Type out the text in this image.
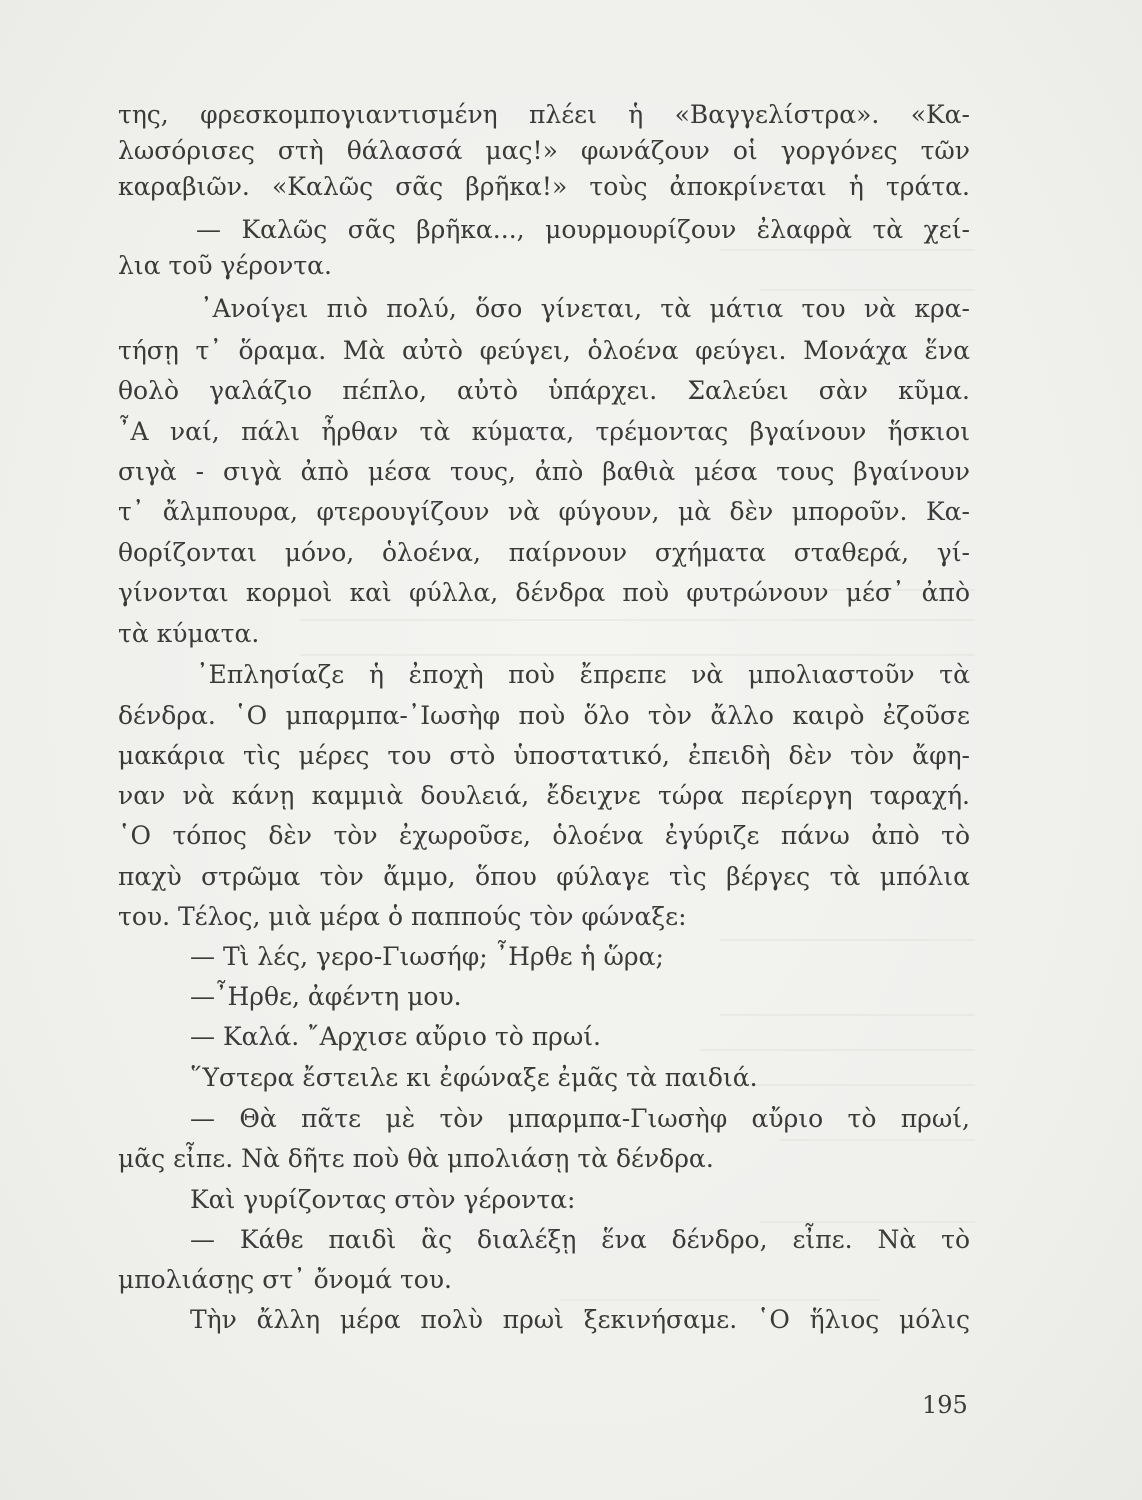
της, φρεσκομπογιαντισμένη πλέει ἡ «Βαγγελίστρα». «Κα-
λωσόρισες στὴ θάλασσά μας!» φωνάζουν οἱ γοργόνες τῶν
καραβιῶν. «Καλῶς σᾶς βρῆκα!» τοὺς ἀποκρίνεται ἡ τράτα.
— Καλῶς σᾶς βρῆκα..., μουρμουρίζουν ἐλαφρὰ τὰ χεί-
λια τοῦ γέροντα.
᾿Ανοίγει πιὸ πολύ, ὅσο γίνεται, τὰ μάτια του νὰ κρα-
τήσῃ τ᾿ ὅραμα. Μὰ αὐτὸ φεύγει, ὁλοένα φεύγει. Μονάχα ἕνα
θολὸ γαλάζιο πέπλο, αὐτὸ ὑπάρχει. Σαλεύει σὰν κῦμα.
῏Α ναί, πάλι ἦρθαν τὰ κύματα, τρέμοντας βγαίνουν ἥσκιοι
σιγὰ - σιγὰ ἀπὸ μέσα τους, ἀπὸ βαθιὰ μέσα τους βγαίνουν
τ᾿ ἄλμπουρα, φτερουγίζουν νὰ φύγουν, μὰ δὲν μποροῦν. Κα-
θορίζονται μόνο, ὁλοένα, παίρνουν σχήματα σταθερά, γί-
γίνονται κορμοὶ καὶ φύλλα, δένδρα ποὺ φυτρώνουν μέσ᾿ ἀπὸ
τὰ κύματα.
᾿Επλησίαζε ἡ ἐποχὴ ποὺ ἔπρεπε νὰ μπολιαστοῦν τὰ
δένδρα. ῾Ο μπαρμπα-᾿Ιωσὴφ ποὺ ὅλο τὸν ἄλλο καιρὸ ἐζοῦσε
μακάρια τὶς μέρες του στὸ ὑποστατικό, ἐπειδὴ δὲν τὸν ἄφη-
ναν νὰ κάνῃ καμμιὰ δουλειά, ἔδειχνε τώρα περίεργη ταραχή.
῾Ο τόπος δὲν τὸν ἐχωροῦσε, ὁλοένα ἐγύριζε πάνω ἀπὸ τὸ
παχὺ στρῶμα τὸν ἄμμο, ὅπου φύλαγε τὶς βέργες τὰ μπόλια
του. Τέλος, μιὰ μέρα ὁ παππούς τὸν φώναξε:
— Τὶ λές, γερο-Γιωσήφ; ῏Ηρθε ἡ ὥρα;
—῏Ηρθε, ἀφέντη μου.
— Καλά. ῎Αρχισε αὔριο τὸ πρωί.
῞Υστερα ἔστειλε κι ἐφώναξε ἐμᾶς τὰ παιδιά.
— Θὰ πᾶτε μὲ τὸν μπαρμπα-Γιωσὴφ αὔριο τὸ πρωί,
μᾶς εἶπε. Νὰ δῆτε ποὺ θὰ μπολιάσῃ τὰ δένδρα.
Καὶ γυρίζοντας στὸν γέροντα:
— Κάθε παιδὶ ἃς διαλέξῃ ἕνα δένδρο, εἶπε. Νὰ τὸ
μπολιάσῃς στ᾿ ὄνομά του.
Τὴν ἄλλη μέρα πολὺ πρωὶ ξεκινήσαμε. ῾Ο ἥλιος μόλις
195
